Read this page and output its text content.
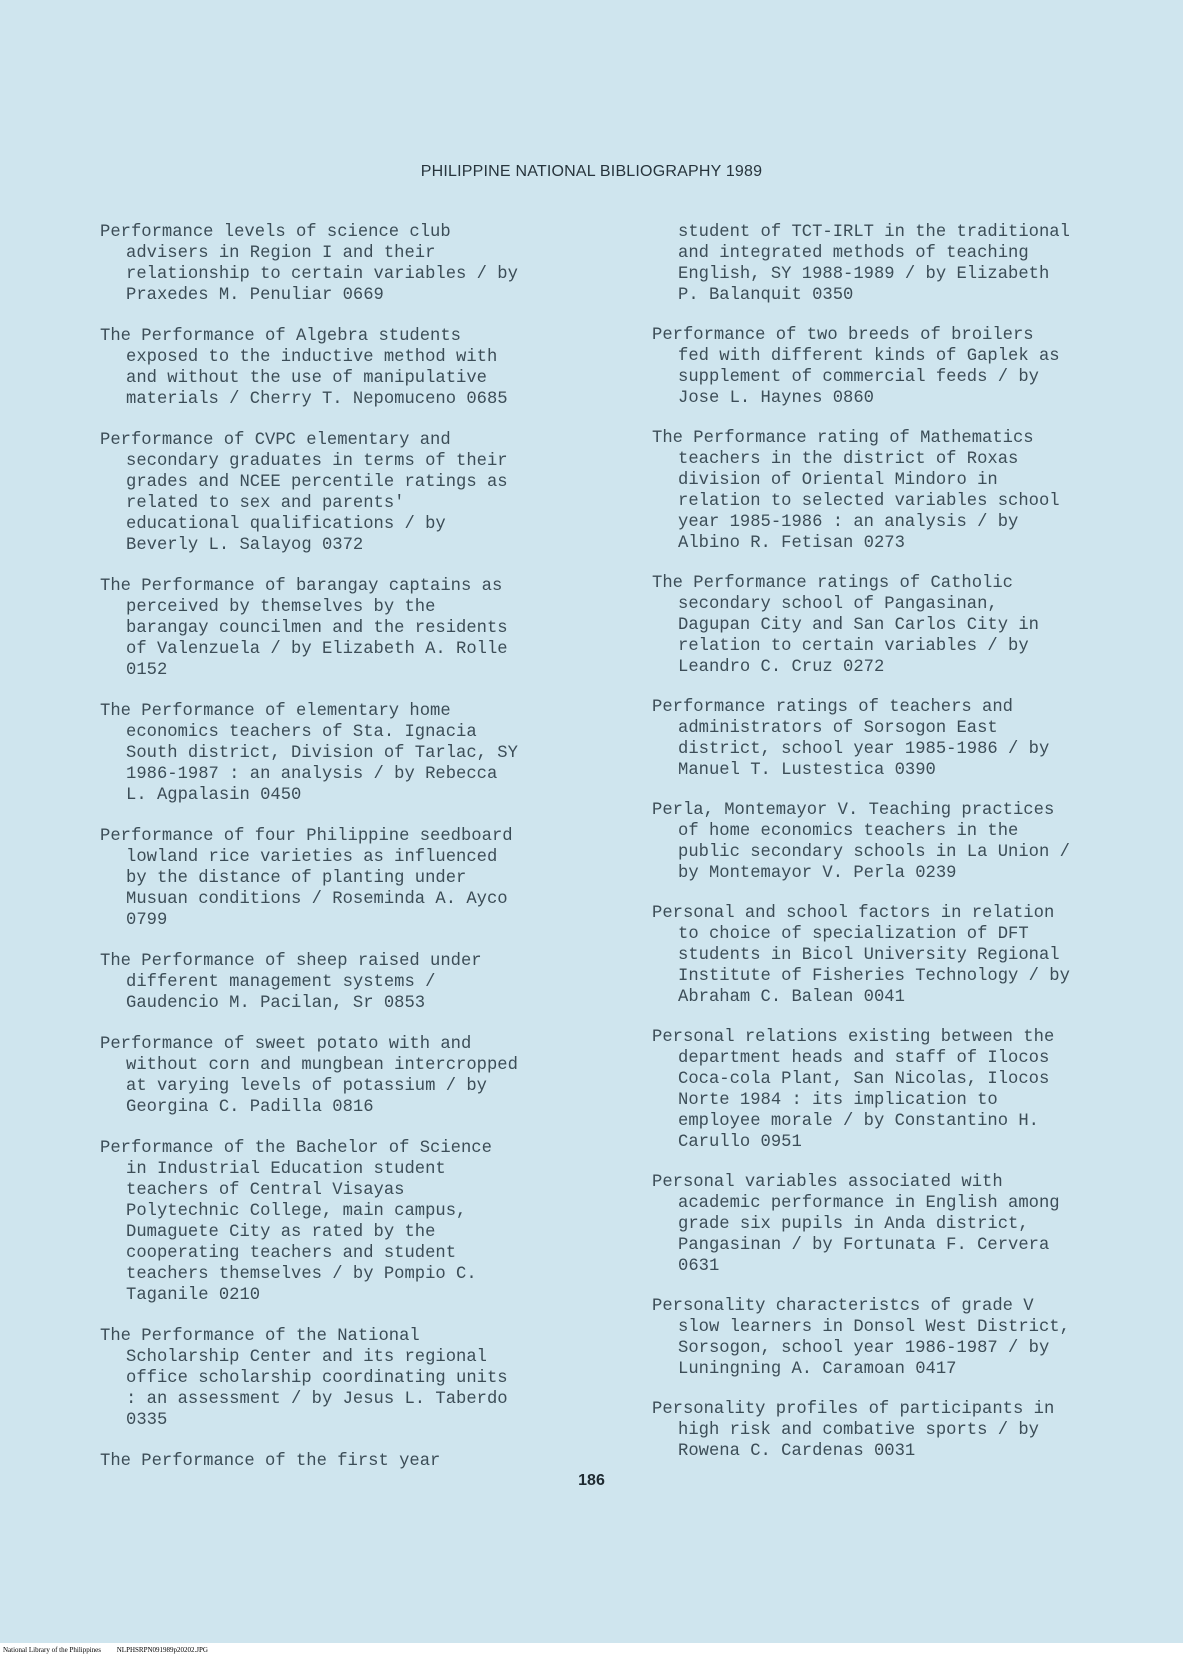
PHILIPPINE NATIONAL BIBLIOGRAPHY 1989
Performance levels of science club
advisers in Region I and their
relationship to certain variables / by
Praxedes M. Penuliar 0669
The Performance of Algebra students
exposed to the inductive method with
and without the use of manipulative
materials / Cherry T. Nepomuceno 0685
Performance of CVPC elementary and
secondary graduates in terms of their
grades and NCEE percentile ratings as
related to sex and parents'
educational qualifications / by
Beverly L. Salayog 0372
The Performance of barangay captains as
perceived by themselves by the
barangay councilmen and the residents
of Valenzuela / by Elizabeth A. Rolle
0152
The Performance of elementary home
economics teachers of Sta. Ignacia
South district, Division of Tarlac, SY
1986-1987 : an analysis / by Rebecca
L. Agpalasin 0450
Performance of four Philippine seedboard
lowland rice varieties as influenced
by the distance of planting under
Musuan conditions / Roseminda A. Ayco
0799
The Performance of sheep raised under
different management systems /
Gaudencio M. Pacilan, Sr 0853
Performance of sweet potato with and
without corn and mungbean intercropped
at varying levels of potassium / by
Georgina C. Padilla 0816
Performance of the Bachelor of Science
in Industrial Education student
teachers of Central Visayas
Polytechnic College, main campus,
Dumaguete City as rated by the
cooperating teachers and student
teachers themselves / by Pompio C.
Taganile 0210
The Performance of the National
Scholarship Center and its regional
office scholarship coordinating units
: an assessment / by Jesus L. Taberdo
0335
The Performance of the first year
student of TCT-IRLT in the traditional
and integrated methods of teaching
English, SY 1988-1989 / by Elizabeth
P. Balanquit 0350
Performance of two breeds of broilers
fed with different kinds of Gaplek as
supplement of commercial feeds / by
Jose L. Haynes 0860
The Performance rating of Mathematics
teachers in the district of Roxas
division of Oriental Mindoro in
relation to selected variables school
year 1985-1986 : an analysis / by
Albino R. Fetisan 0273
The Performance ratings of Catholic
secondary school of Pangasinan,
Dagupan City and San Carlos City in
relation to certain variables / by
Leandro C. Cruz 0272
Performance ratings of teachers and
administrators of Sorsogon East
district, school year 1985-1986 / by
Manuel T. Lustestica 0390
Perla, Montemayor V. Teaching practices
of home economics teachers in the
public secondary schools in La Union /
by Montemayor V. Perla 0239
Personal and school factors in relation
to choice of specialization of DFT
students in Bicol University Regional
Institute of Fisheries Technology / by
Abraham C. Balean 0041
Personal relations existing between the
department heads and staff of Ilocos
Coca-cola Plant, San Nicolas, Ilocos
Norte 1984 : its implication to
employee morale / by Constantino H.
Carullo 0951
Personal variables associated with
academic performance in English among
grade six pupils in Anda district,
Pangasinan / by Fortunata F. Cervera
0631
Personality characteristcs of grade V
slow learners in Donsol West District,
Sorsogon, school year 1986-1987 / by
Luningning A. Caramoan 0417
Personality profiles of participants in
high risk and combative sports / by
Rowena C. Cardenas 0031
186
National Library of the Philippines NLPHSRPN091989p20202.JPG
